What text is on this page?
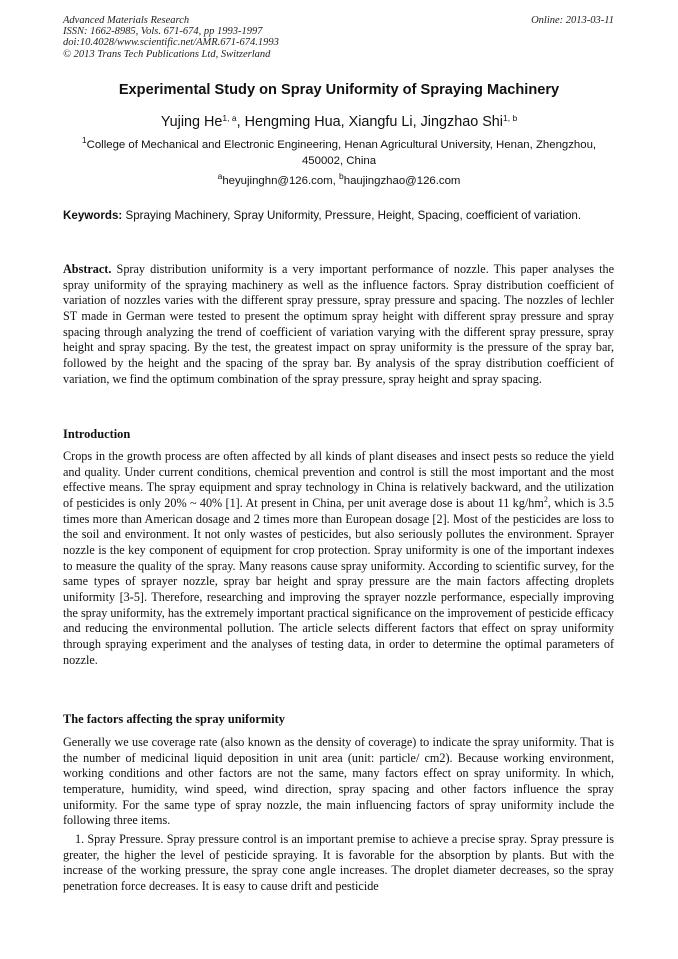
Advanced Materials Research
ISSN: 1662-8985, Vols. 671-674, pp 1993-1997
doi:10.4028/www.scientific.net/AMR.671-674.1993
© 2013 Trans Tech Publications Ltd, Switzerland
Online: 2013-03-11
Experimental Study on Spray Uniformity of Spraying Machinery
Yujing He$^{1, a}$, Hengming Hua, Xiangfu Li, Jingzhao Shi$^{1, b}$
$^1$College of Mechanical and Electronic Engineering, Henan Agricultural University, Henan, Zhengzhou, 450002, China
$^a$heyujinghn@126.com, $^b$haujingzhao@126.com
Keywords: Spraying Machinery, Spray Uniformity, Pressure, Height, Spacing, coefficient of variation.

Abstract. Spray distribution uniformity is a very important performance of nozzle. This paper analyses the spray uniformity of the spraying machinery as well as the influence factors. Spray distribution coefficient of variation of nozzles varies with the different spray pressure, spray pressure and spacing. The nozzles of lechler ST made in German were tested to present the optimum spray height with different spray pressure and spray spacing through analyzing the trend of coefficient of variation varying with the different spray pressure, spray height and spray spacing. By the test, the greatest impact on spray uniformity is the pressure of the spray bar, followed by the height and the spacing of the spray bar. By analysis of the spray distribution coefficient of variation, we find the optimum combination of the spray pressure, spray height and spray spacing.

Introduction

Crops in the growth process are often affected by all kinds of plant diseases and insect pests so reduce the yield and quality. Under current conditions, chemical prevention and control is still the most important and the most effective means. The spray equipment and spray technology in China is relatively backward, and the utilization of pesticides is only 20% ~ 40% [1]. At present in China, per unit average dose is about 11 $kg/hm^2$, which is 3.5 times more than American dosage and 2 times more than European dosage [2]. Most of the pesticides are loss to the soil and environment. It not only wastes of pesticides, but also seriously pollutes the environment. Sprayer nozzle is the key component of equipment for crop protection. Spray uniformity is one of the important indexes to measure the quality of the spray. Many reasons cause spray uniformity. According to scientific survey, for the same types of sprayer nozzle, spray bar height and spray pressure are the main factors affecting droplets uniformity [3-5]. Therefore, researching and improving the sprayer nozzle performance, especially improving the spray uniformity, has the extremely important practical significance on the improvement of pesticide efficacy and reducing the environmental pollution. The article selects different factors that effect on spray uniformity through spraying experiment and the analyses of testing data, in order to determine the optimal parameters of nozzle.

The factors affecting the spray uniformity

Generally we use coverage rate (also known as the density of coverage) to indicate the spray uniformity. That is the number of medicinal liquid deposition in unit area (unit: particle/ cm2). Because working environment, working conditions and other factors are not the same, many factors effect on spray uniformity. In which, temperature, humidity, wind speed, wind direction, spray spacing and other factors influence the spray uniformity. For the same type of spray nozzle, the main influencing factors of spray uniformity include the following three items.

1. Spray Pressure. Spray pressure control is an important premise to achieve a precise spray. Spray pressure is greater, the higher the level of pesticide spraying. It is favorable for the absorption by plants. But with the increase of the working pressure, the spray cone angle increases. The droplet diameter decreases, so the spray penetration force decreases. It is easy to cause drift and pesticide
